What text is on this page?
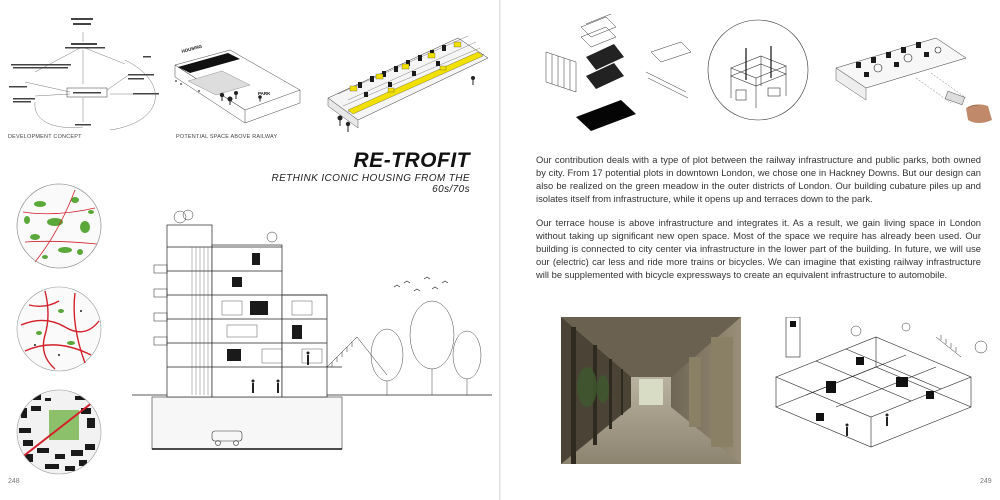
DEVELOPMENT CONCEPT
HOUSING
PARK
POTENTIAL SPACE ABOVE RAILWAY
RE-TROFIT
RETHINK ICONIC HOUSING FROM THE 60s/70s
248

Our contribution deals with a type of plot between the railway infrastructure and public parks, both owned by city. From 17 potential plots in downtown London, we chose one in Hackney Downs. But our design can also be realized on the green meadow in the outer districts of London. Our building cubature piles up and isolates itself from infrastructure, while it opens up and terraces down to the park.

Our terrace house is above infrastructure and integrates it. As a result, we gain living space in London without taking up significant new open space. Most of the space we require has already been used. Our building is connected to city center via infrastructure in the lower part of the building. In future, we will use our (electric) car less and ride more trains or bicycles. We can imagine that existing railway infrastructure will be supplemented with bicycle expressways to create an equivalent infrastructure to automobile.

249
